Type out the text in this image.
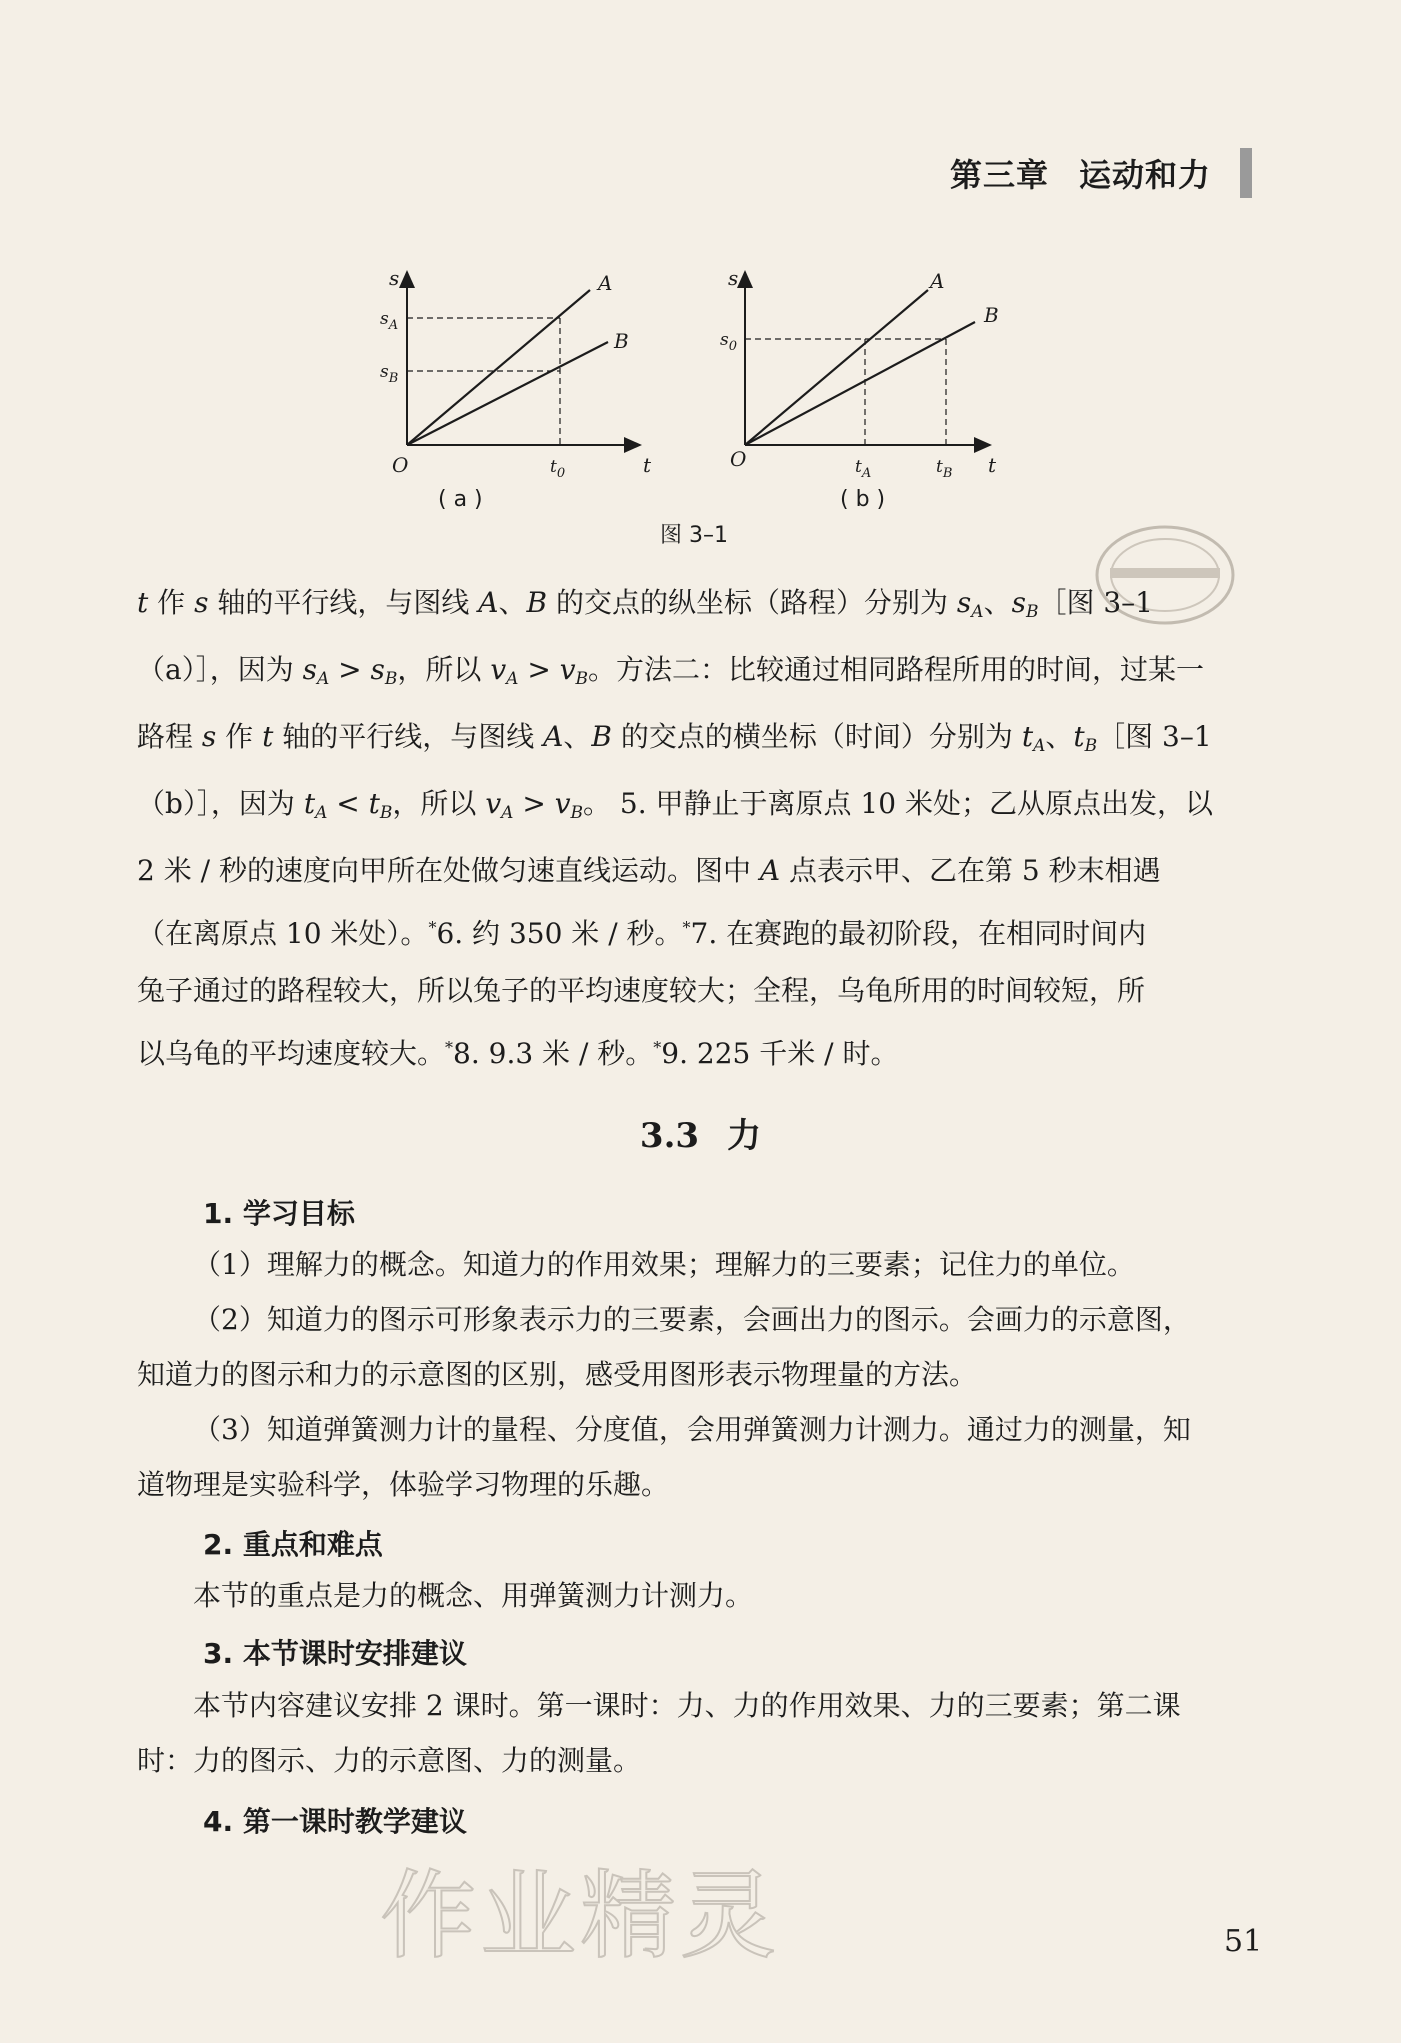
第三章 运动和力
s
t
O
A
B
$s_A$
$s_B$
$t_0$
( a )
s
t
O
A
B
$s_0$
$t_A$	$t_B$
( b )
图 3–1
t 作 s 轴的平行线，与图线 A、B 的交点的纵坐标（路程）分别为 $s_A$、$s_B[$图 3–1
（a）］，因为 $s_A > s_B$，所以 $v_A > v_B$。方法二：比较通过相同路程所用的时间，过某一
路程 s 作 t 轴的平行线，与图线 A、B 的交点的横坐标（时间）分别为 $t_A$、$t_B[$图 3–1
（b）］，因为 $t_A < t_B$，所以 $v_A > v_B$。 5. 甲静止于离原点 10 米处；乙从原点出发，以
2 米 / 秒的速度向甲所在处做匀速直线运动。图中 A 点表示甲、乙在第 5 秒末相遇
（在离原点 10 米处）。*6. 约 350 米 / 秒。*7. 在赛跑的最初阶段，在相同时间内
兔子通过的路程较大，所以兔子的平均速度较大；全程，乌龟所用的时间较短，所
以乌龟的平均速度较大。*8. 9.3 米 / 秒。*9. 225 千米 / 时。
3.3 力
1. 学习目标
（1）理解力的概念。知道力的作用效果；理解力的三要素；记住力的单位。
（2）知道力的图示可形象表示力的三要素，会画出力的图示。会画力的示意图，
知道力的图示和力的示意图的区别，感受用图形表示物理量的方法。
（3）知道弹簧测力计的量程、分度值，会用弹簧测力计测力。通过力的测量，知
道物理是实验科学，体验学习物理的乐趣。
2. 重点和难点
本节的重点是力的概念、用弹簧测力计测力。
3. 本节课时安排建议
本节内容建议安排 2 课时。第一课时：力、力的作用效果、力的三要素；第二课
时：力的图示、力的示意图、力的测量。
4. 第一课时教学建议
作业精灵	51
